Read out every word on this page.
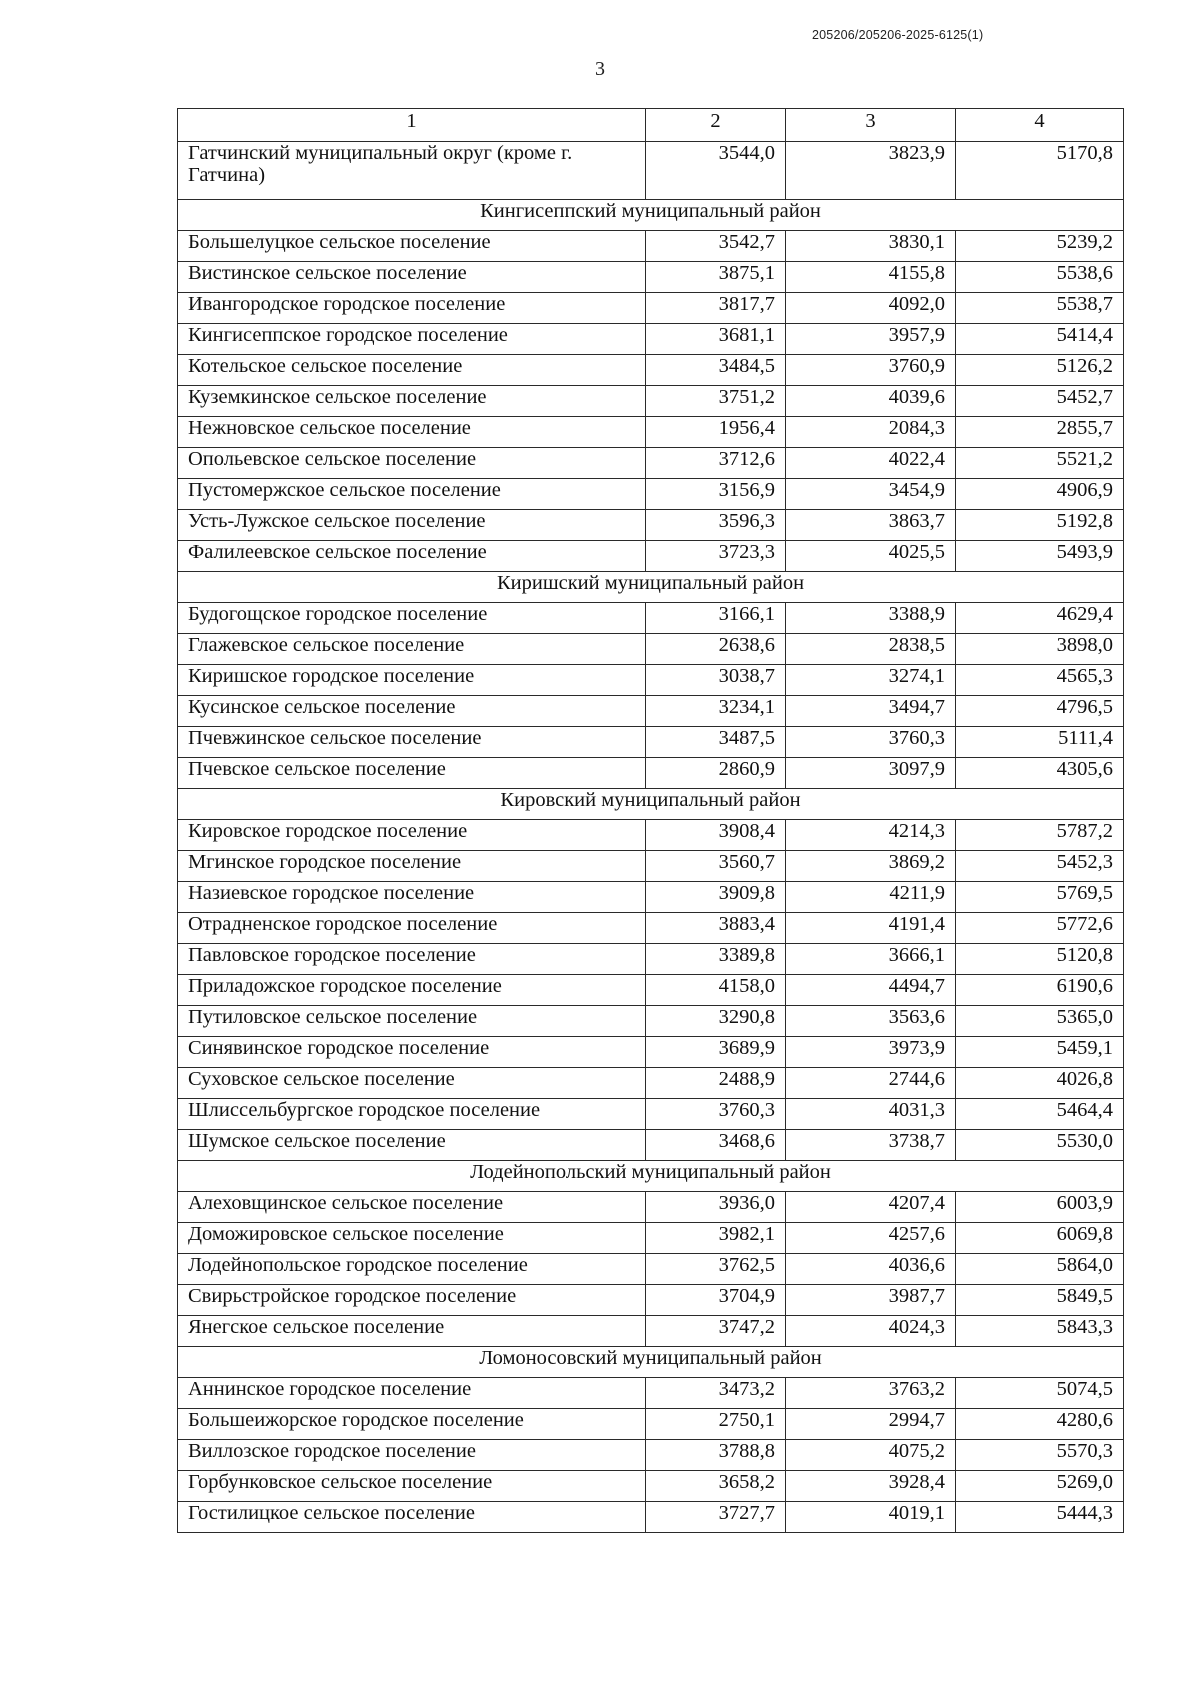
205206/205206-2025-6125(1)
3
1	2	3	4
Гатчинский муниципальный округ (кроме г. Гатчина)	3544,0	3823,9	5170,8
Кингисеппский муниципальный район			
Большелуцкое сельское поселение	3542,7	3830,1	5239,2
Вистинское сельское поселение	3875,1	4155,8	5538,6
Ивангородское городское поселение	3817,7	4092,0	5538,7
Кингисеппское городское поселение	3681,1	3957,9	5414,4
Котельское сельское поселение	3484,5	3760,9	5126,2
Куземкинское сельское поселение	3751,2	4039,6	5452,7
Нежновское сельское поселение	1956,4	2084,3	2855,7
Опольевское сельское поселение	3712,6	4022,4	5521,2
Пустомержское сельское поселение	3156,9	3454,9	4906,9
Усть-Лужское сельское поселение	3596,3	3863,7	5192,8
Фалилеевское сельское поселение	3723,3	4025,5	5493,9
Киришский муниципальный район			
Будогощское городское поселение	3166,1	3388,9	4629,4
Глажевское сельское поселение	2638,6	2838,5	3898,0
Киришское городское поселение	3038,7	3274,1	4565,3
Кусинское сельское поселение	3234,1	3494,7	4796,5
Пчевжинское сельское поселение	3487,5	3760,3	5111,4
Пчевское сельское поселение	2860,9	3097,9	4305,6
Кировский муниципальный район			
Кировское городское поселение	3908,4	4214,3	5787,2
Мгинское городское поселение	3560,7	3869,2	5452,3
Назиевское городское поселение	3909,8	4211,9	5769,5
Отрадненское городское поселение	3883,4	4191,4	5772,6
Павловское городское поселение	3389,8	3666,1	5120,8
Приладожское городское поселение	4158,0	4494,7	6190,6
Путиловское сельское поселение	3290,8	3563,6	5365,0
Синявинское городское поселение	3689,9	3973,9	5459,1
Суховское сельское поселение	2488,9	2744,6	4026,8
Шлиссельбургское городское поселение	3760,3	4031,3	5464,4
Шумское сельское поселение	3468,6	3738,7	5530,0
Лодейнопольский муниципальный район			
Алеховщинское сельское поселение	3936,0	4207,4	6003,9
Доможировское сельское поселение	3982,1	4257,6	6069,8
Лодейнопольское городское поселение	3762,5	4036,6	5864,0
Свирьстройское городское поселение	3704,9	3987,7	5849,5
Янегское сельское поселение	3747,2	4024,3	5843,3
Ломоносовский муниципальный район			
Аннинское городское поселение	3473,2	3763,2	5074,5
Большеижорское городское поселение	2750,1	2994,7	4280,6
Виллозское городское поселение	3788,8	4075,2	5570,3
Горбунковское сельское поселение	3658,2	3928,4	5269,0
Гостилицкое сельское поселение	3727,7	4019,1	5444,3
